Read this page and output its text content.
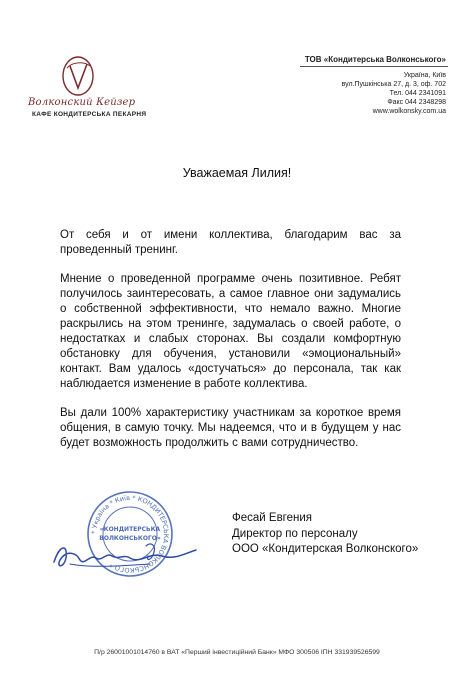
Волконский Кейзер
КАФЕ КОНДИТЕРСЬКА ПЕКАРНЯ
ТОВ «Кондитерська Волконського»
Україна, Київ
вул.Пушкінська 27, д. 3, оф. 702
Тел. 044 2341091
Факс 044 2348298
www.wolkonsky.com.ua
Уважаемая Лилия!

От себя и от имени коллектива, благодарим вас за проведенный тренинг.

Мнение о проведенной программе очень позитивное. Ребят получилось заинтересовать, а самое главное они задумались о собственной эффективности, что немало важно. Многие раскрылись на этом тренинге, задумалась о своей работе, о недостатках и слабых сторонах. Вы создали комфортную обстановку для обучения, установили «эмоциональный» контакт. Вам удалось «достучаться» до персонала, так как наблюдается изменение в работе коллектива.

Вы дали 100% характеристику участникам за короткое время общения, в самую точку. Мы надеемся, что и в будущем у нас будет возможность продолжить с вами сотрудничество.

* Україна * Київ * КОНДИТЕРСЬКА ВОЛКОНСЬКОГО *
«КОНДИТЕРСЬКА
ВОЛКОНСЬКОГО»
Фесай Евгения
Директор по персоналу
ООО «Кондитерская Волконского»
П/р 26001001014760 в ВАТ «Перший інвестиційний Банк» МФО 300506 ІПН 331939526599
